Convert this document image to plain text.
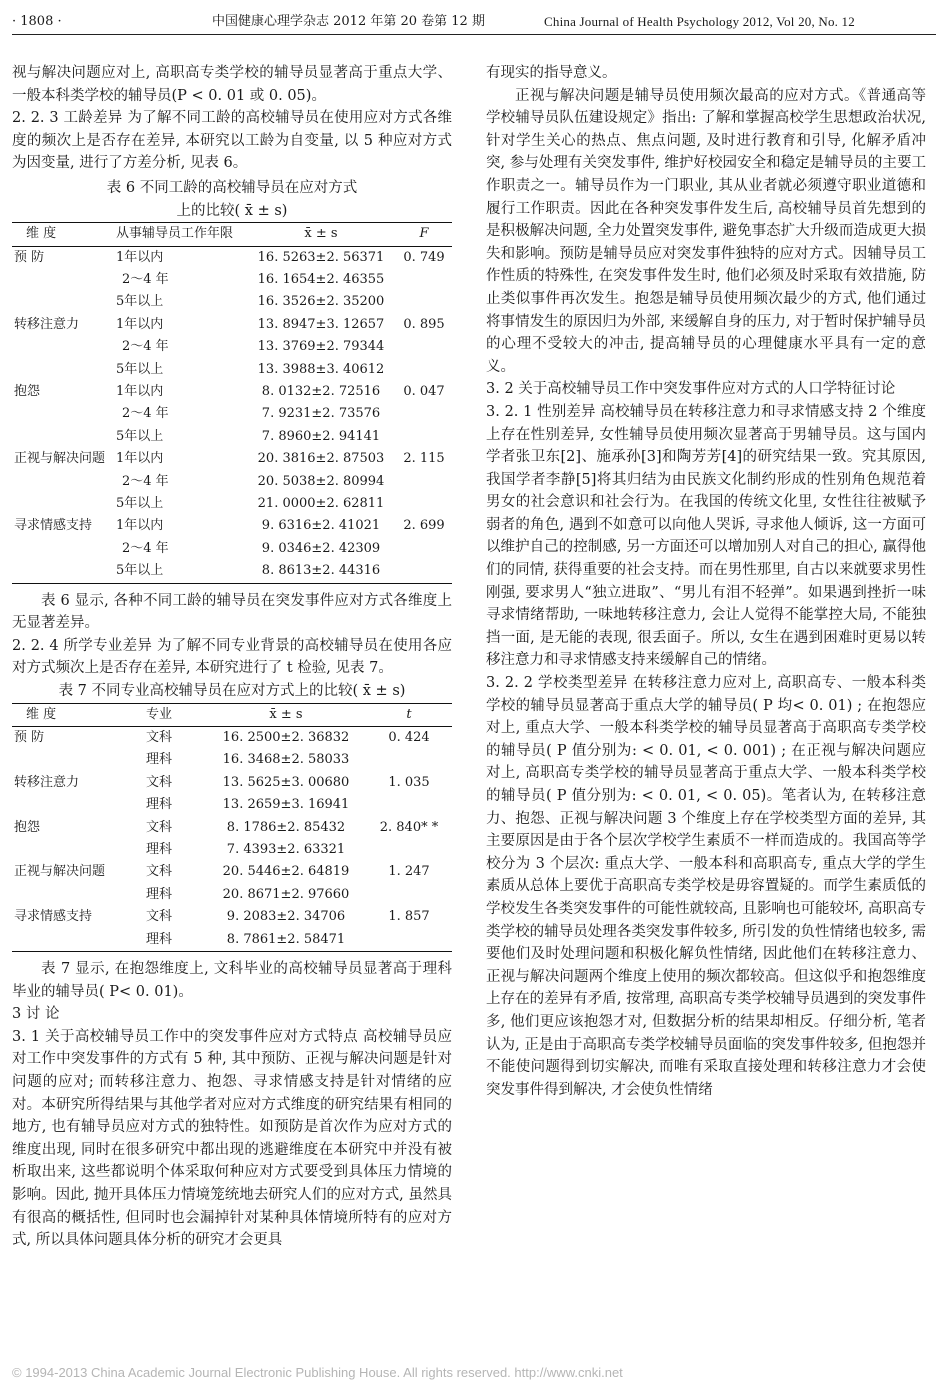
· 1808 ·	中国健康心理学杂志 2012 年第 20 卷第 12 期	China Journal of Health Psychology 2012, Vol 20, No. 12

视与解决问题应对上, 高职高专类学校的辅导员显著高于重点大学、一般本科类学校的辅导员(P < 0. 01 或 0. 05)。

2. 2. 3 工龄差异 为了解不同工龄的高校辅导员在使用应对方式各维度的频次上是否存在差异, 本研究以工龄为自变量, 以 5 种应对方式为因变量, 进行了方差分析, 见表 6。

表 6 不同工龄的高校辅导员在应对方式

上的比较( x̄ ± s)

维 度	从事辅导员工作年限	x̄ ± s	F
预 防	1年以内	16. 5263±2. 56371	0. 749
	2～4 年	16. 1654±2. 46355	
	5年以上	16. 3526±2. 35200	
转移注意力	1年以内	13. 8947±3. 12657	0. 895
	2～4 年	13. 3769±2. 79344	
	5年以上	13. 3988±3. 40612	
抱怨	1年以内	8. 0132±2. 72516	0. 047
	2～4 年	7. 9231±2. 73576	
	5年以上	7. 8960±2. 94141	
正视与解决问题	1年以内	20. 3816±2. 87503	2. 115
	2～4 年	20. 5038±2. 80994	
	5年以上	21. 0000±2. 62811	
寻求情感支持	1年以内	9. 6316±2. 41021	2. 699
	2～4 年	9. 0346±2. 42309	
	5年以上	8. 8613±2. 44316	

表 6 显示, 各种不同工龄的辅导员在突发事件应对方式各维度上无显著差异。

2. 2. 4 所学专业差异 为了解不同专业背景的高校辅导员在使用各应对方式频次上是否存在差异, 本研究进行了 t 检验, 见表 7。

表 7 不同专业高校辅导员在应对方式上的比较( x̄ ± s)

维 度	专业	x̄ ± s	t
预 防	文科	16. 2500±2. 36832	0. 424
	理科	16. 3468±2. 58033	
转移注意力	文科	13. 5625±3. 00680	1. 035
	理科	13. 2659±3. 16941	
抱怨	文科	8. 1786±2. 85432	2. 840* *
	理科	7. 4393±2. 63321	
正视与解决问题	文科	20. 5446±2. 64819	1. 247
	理科	20. 8671±2. 97660	
寻求情感支持	文科	9. 2083±2. 34706	1. 857
	理科	8. 7861±2. 58471	

表 7 显示, 在抱怨维度上, 文科毕业的高校辅导员显著高于理科毕业的辅导员( P< 0. 01)。

3 讨 论

3. 1 关于高校辅导员工作中的突发事件应对方式特点 高校辅导员应对工作中突发事件的方式有 5 种, 其中预防、正视与解决问题是针对问题的应对; 而转移注意力、抱怨、寻求情感支持是针对情绪的应对。本研究所得结果与其他学者对应对方式维度的研究结果有相同的地方, 也有辅导员应对方式的独特性。如预防是首次作为应对方式的维度出现, 同时在很多研究中都出现的逃避维度在本研究中并没有被析取出来, 这些都说明个体采取何种应对方式要受到具体压力情境的影响。因此, 抛开具体压力情境笼统地去研究人们的应对方式, 虽然具有很高的概括性, 但同时也会漏掉针对某种具体情境所特有的应对方式, 所以具体问题具体分析的研究才会更具

有现实的指导意义。

正视与解决问题是辅导员使用频次最高的应对方式。《普通高等学校辅导员队伍建设规定》指出: 了解和掌握高校学生思想政治状况, 针对学生关心的热点、焦点问题, 及时进行教育和引导, 化解矛盾冲突, 参与处理有关突发事件, 维护好校园安全和稳定是辅导员的主要工作职责之一。辅导员作为一门职业, 其从业者就必须遵守职业道德和履行工作职责。因此在各种突发事件发生后, 高校辅导员首先想到的是积极解决问题, 全力处置突发事件, 避免事态扩大升级而造成更大损失和影响。预防是辅导员应对突发事件独特的应对方式。因辅导员工作性质的特殊性, 在突发事件发生时, 他们必须及时采取有效措施, 防止类似事件再次发生。抱怨是辅导员使用频次最少的方式, 他们通过将事情发生的原因归为外部, 来缓解自身的压力, 对于暂时保护辅导员的心理不受较大的冲击, 提高辅导员的心理健康水平具有一定的意义。

3. 2 关于高校辅导员工作中突发事件应对方式的人口学特征讨论

3. 2. 1 性别差异 高校辅导员在转移注意力和寻求情感支持 2 个维度上存在性别差异, 女性辅导员使用频次显著高于男辅导员。这与国内学者张卫东[2]、施承孙[3]和陶芳芳[4]的研究结果一致。究其原因, 我国学者李静[5]将其归结为由民族文化制约形成的性别角色规范着男女的社会意识和社会行为。在我国的传统文化里, 女性往往被赋予弱者的角色, 遇到不如意可以向他人哭诉, 寻求他人倾诉, 这一方面可以维护自己的控制感, 另一方面还可以增加别人对自己的担心, 赢得他们的同情, 获得重要的社会支持。而在男性那里, 自古以来就要求男性刚强, 要求男人“独立进取”、“男儿有泪不轻弹”。如果遇到挫折一味寻求情绪帮助, 一味地转移注意力, 会让人觉得不能掌控大局, 不能独挡一面, 是无能的表现, 很丢面子。所以, 女生在遇到困难时更易以转移注意力和寻求情感支持来缓解自己的情绪。

3. 2. 2 学校类型差异 在转移注意力应对上, 高职高专、一般本科类学校的辅导员显著高于重点大学的辅导员( P 均< 0. 01) ; 在抱怨应对上, 重点大学、一般本科类学校的辅导员显著高于高职高专类学校的辅导员( P 值分别为: < 0. 01, < 0. 001) ; 在正视与解决问题应对上, 高职高专类学校的辅导员显著高于重点大学、一般本科类学校的辅导员( P 值分别为: < 0. 01, < 0. 05)。笔者认为, 在转移注意力、抱怨、正视与解决问题 3 个维度上存在学校类型方面的差异, 其主要原因是由于各个层次学校学生素质不一样而造成的。我国高等学校分为 3 个层次: 重点大学、一般本科和高职高专, 重点大学的学生素质从总体上要优于高职高专类学校是毋容置疑的。而学生素质低的学校发生各类突发事件的可能性就较高, 且影响也可能较坏, 高职高专类学校的辅导员处理各类突发事件较多, 所引发的负性情绪也较多, 需要他们及时处理问题和积极化解负性情绪, 因此他们在转移注意力、正视与解决问题两个维度上使用的频次都较高。但这似乎和抱怨维度上存在的差异有矛盾, 按常理, 高职高专类学校辅导员遇到的突发事件多, 他们更应该抱怨才对, 但数据分析的结果却相反。仔细分析, 笔者认为, 正是由于高职高专类学校辅导员面临的突发事件较多, 但抱怨并不能使问题得到切实解决, 而唯有采取直接处理和转移注意力才会使突发事件得到解决, 才会使负性情绪

© 1994-2013 China Academic Journal Electronic Publishing House. All rights reserved. http://www.cnki.net
